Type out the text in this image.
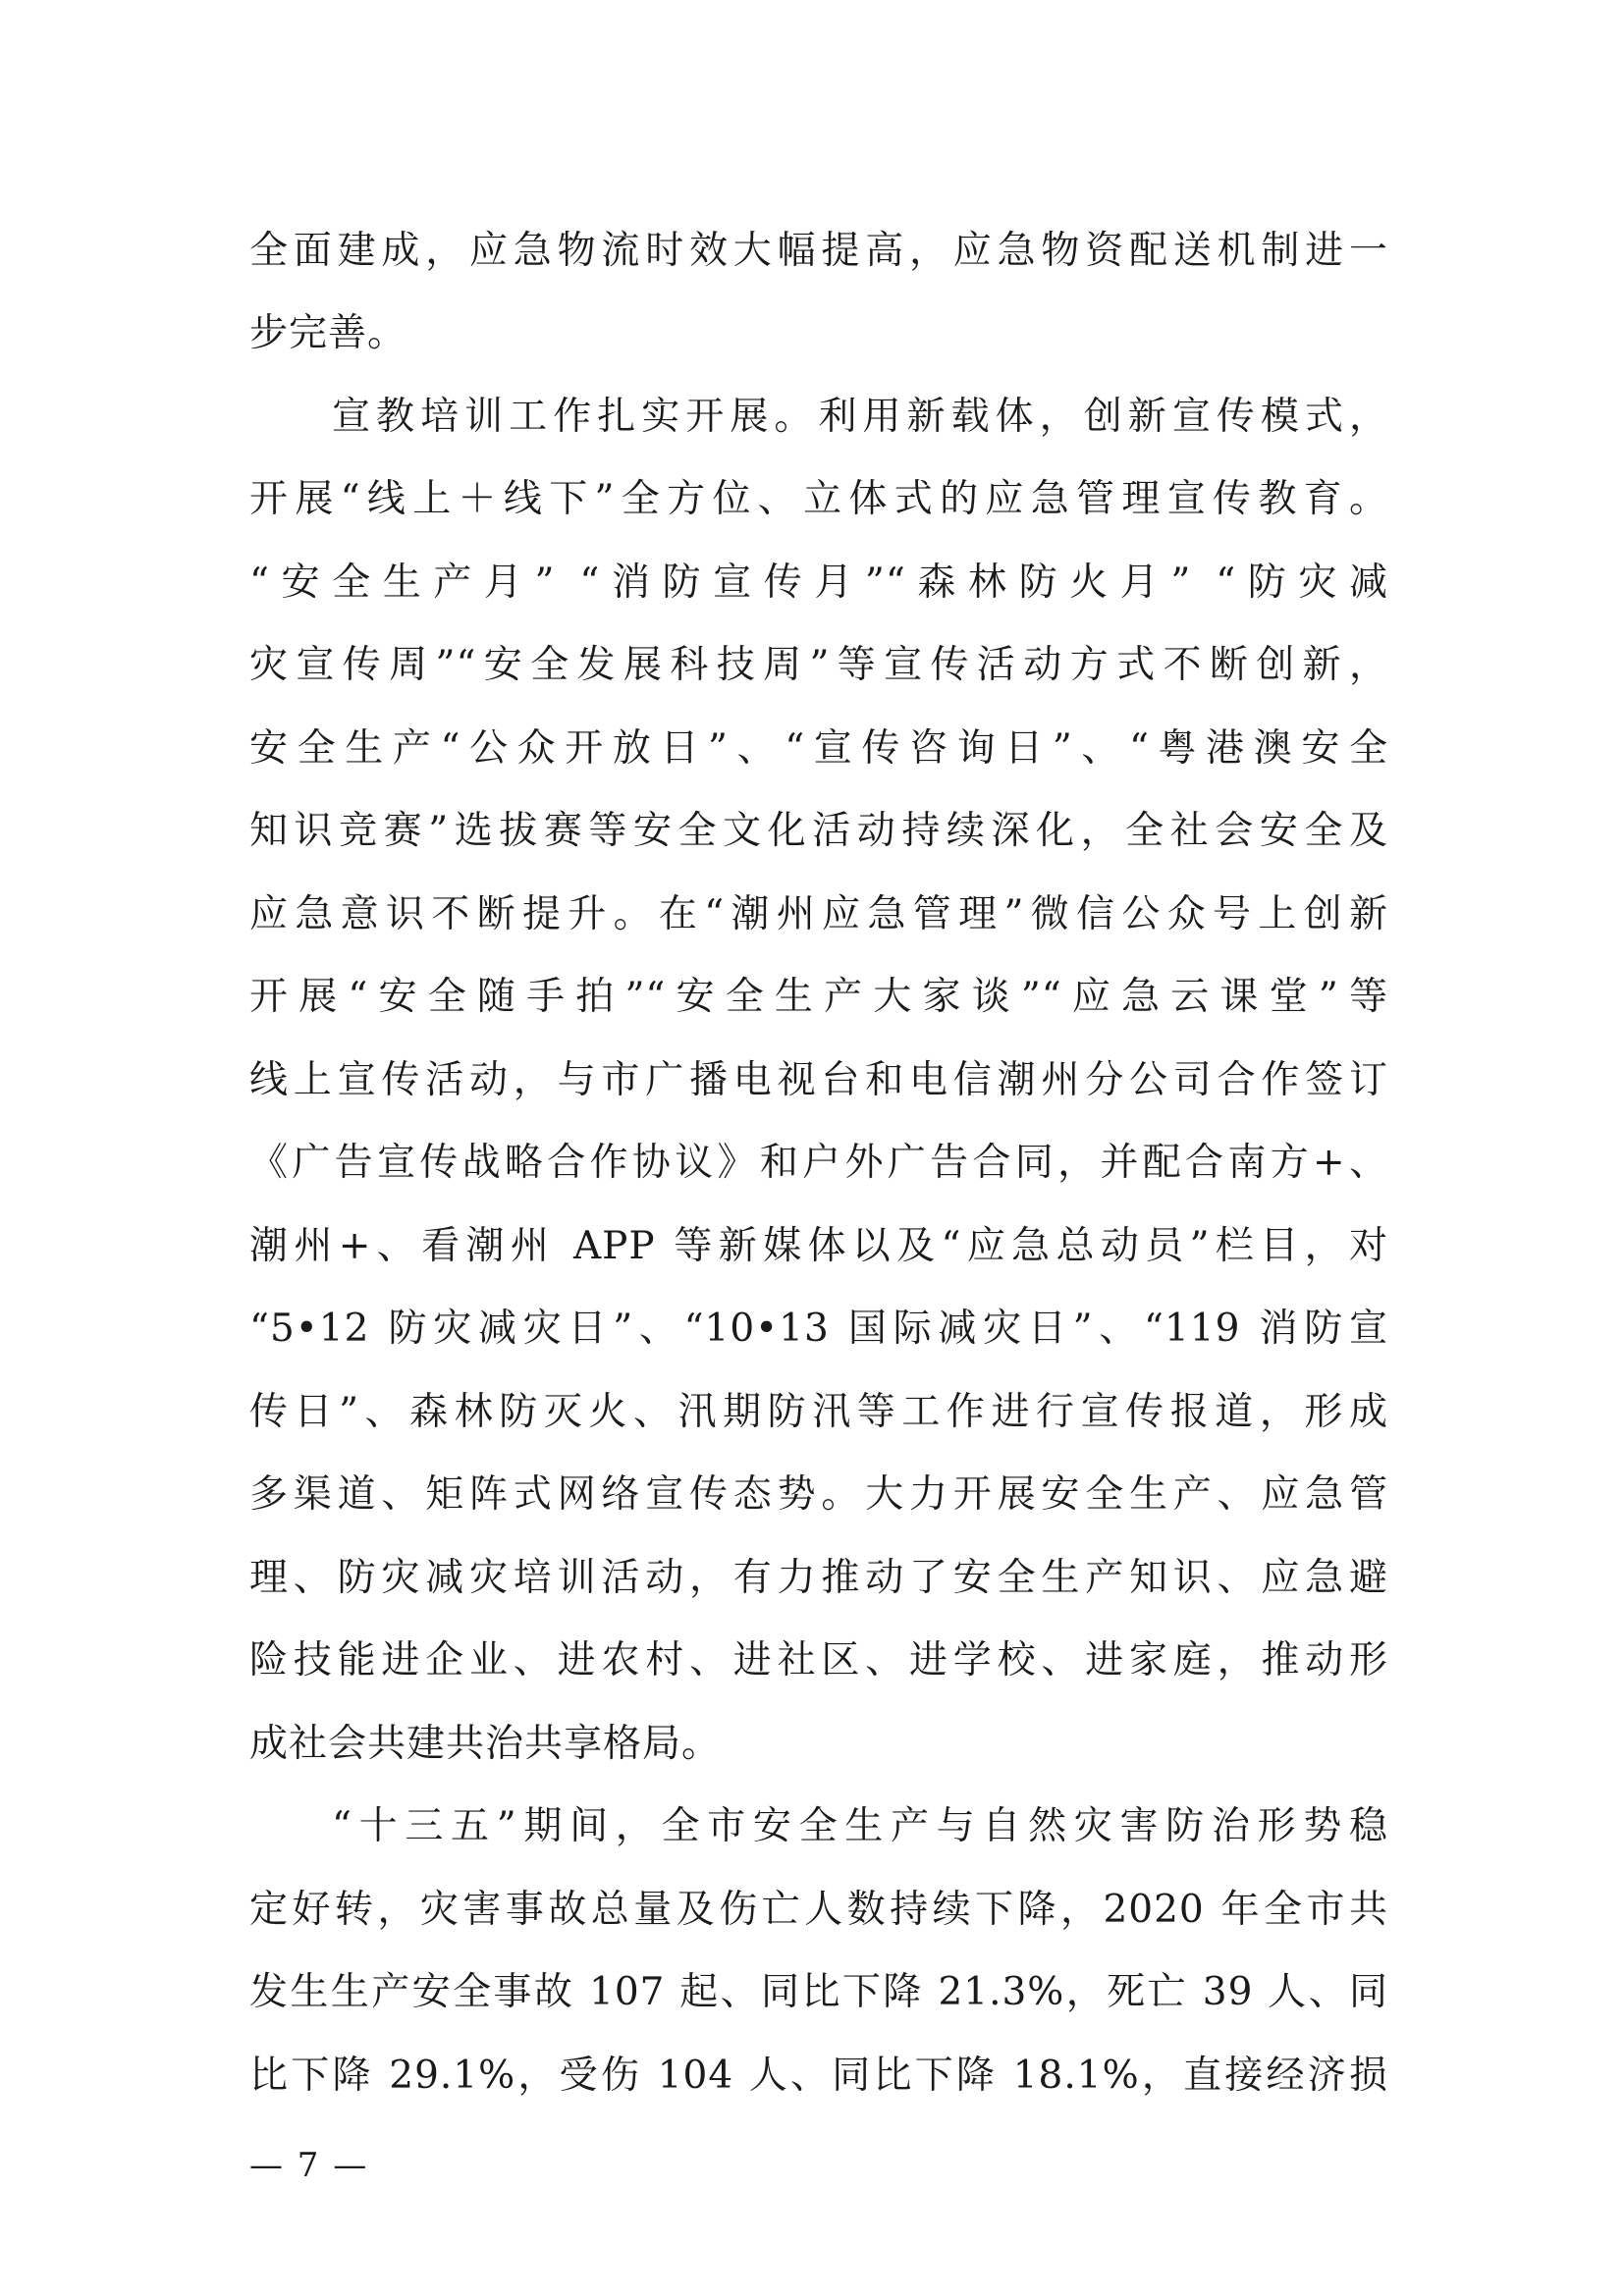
全面建成，应急物流时效大幅提高，应急物资配送机制进一
步完善。
宣教培训工作扎实开展。利用新载体，创新宣传模式，
开展“线上＋线下”全方位、立体式的应急管理宣传教育。
“安全生产月” “消防宣传月”“森林防火月” “防灾减
灾宣传周”“安全发展科技周”等宣传活动方式不断创新，
安全生产“公众开放日”、“宣传咨询日”、“粤港澳安全
知识竞赛”选拔赛等安全文化活动持续深化，全社会安全及
应急意识不断提升。在“潮州应急管理”微信公众号上创新
开展“安全随手拍”“安全生产大家谈”“应急云课堂”等
线上宣传活动，与市广播电视台和电信潮州分公司合作签订
《广告宣传战略合作协议》和户外广告合同，并配合南方+、
潮州+、看潮州 APP 等新媒体以及“应急总动员”栏目，对
“5•12 防灾减灾日”、“10•13 国际减灾日”、“119 消防宣
传日”、森林防灭火、汛期防汛等工作进行宣传报道，形成
多渠道、矩阵式网络宣传态势。大力开展安全生产、应急管
理、防灾减灾培训活动，有力推动了安全生产知识、应急避
险技能进企业、进农村、进社区、进学校、进家庭，推动形
成社会共建共治共享格局。
“十三五”期间，全市安全生产与自然灾害防治形势稳
定好转，灾害事故总量及伤亡人数持续下降，2020 年全市共
发生生产安全事故 107 起、同比下降 21.3%，死亡 39 人、同
比下降 29.1%，受伤 104 人、同比下降 18.1%，直接经济损
— 7 —
